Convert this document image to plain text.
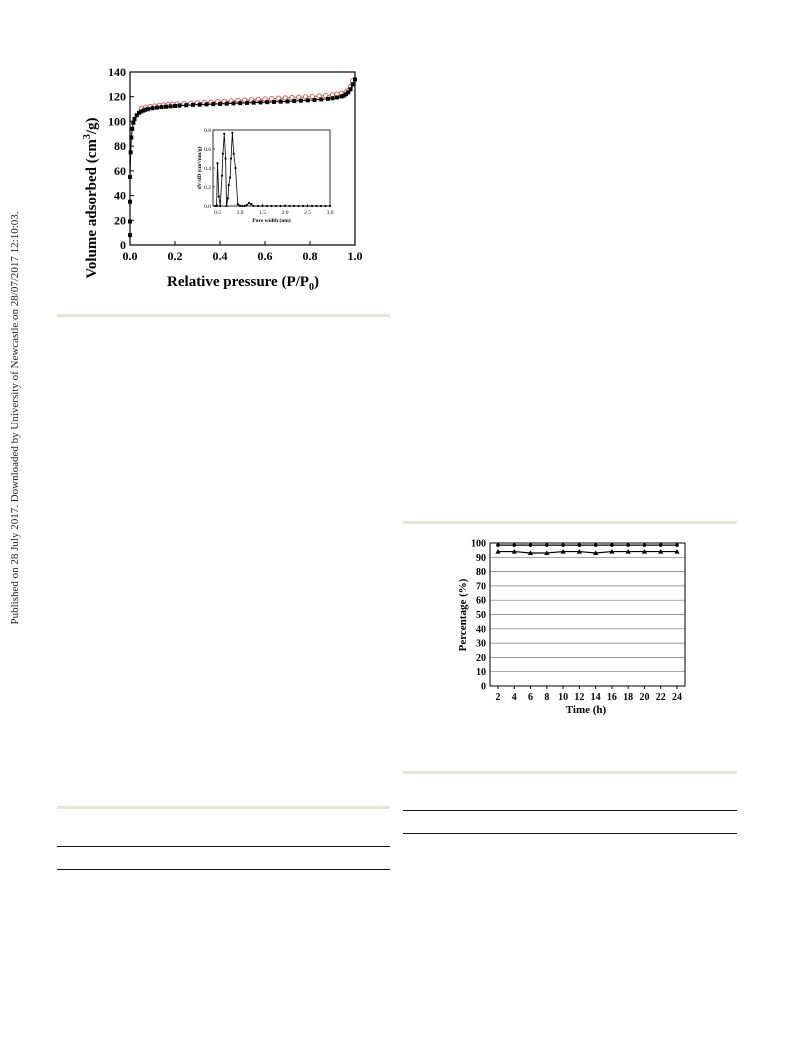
Published on 28 July 2017. Downloaded by University of Newcastle on 28/07/2017 12:10:03.	0.0	0.2	0.4	0.6	0.8	1.0
0
20
40
60
80
100
120
140
0.5	1.0	1.5	2.0	2.5	3.0
0.0
0.2
0.4
0.6
0.8
Pore width (nm)
dV/dD (cm³/nm/g)
Volume adsorbed $(cm^3/g)$
Relative pressure $(P/P_0)$
0
10
20
30
40
50
60
70
80
90
100
2 4 6 8 10 12 14 16 18 20 22 24
Percentage (%)
Time (h)
